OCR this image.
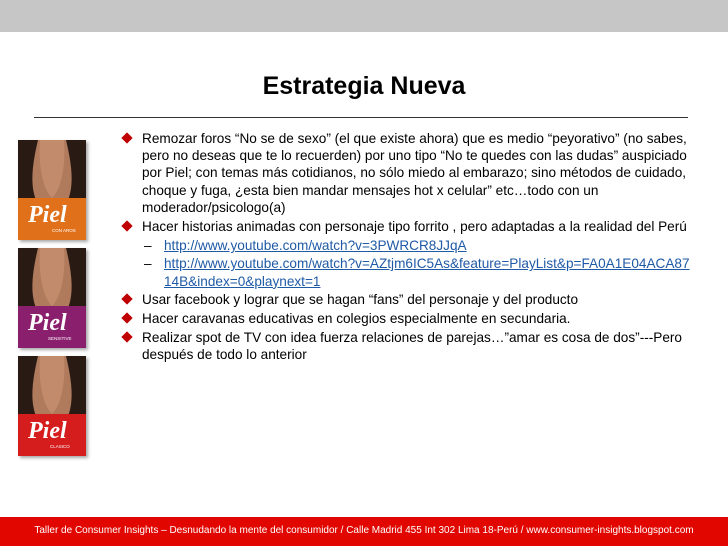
Estrategia Nueva
Piel
CON AROS
Piel
SENSITIVE
Piel
CLASICO
Remozar foros “No se de sexo” (el que existe ahora) que es medio “peyorativo” (no sabes, pero no deseas que te lo recuerden) por uno tipo “No te quedes con las dudas” auspiciado por Piel; con temas más cotidianos, no sólo miedo al embarazo; sino métodos de cuidado, choque y fuga, ¿esta bien mandar mensajes hot x celular” etc…todo con un moderador/psicologo(a)
Hacer historias animadas con personaje tipo forrito , pero adaptadas a la realidad del Perú
– http://www.youtube.com/watch?v=3PWRCR8JJqA
– http://www.youtube.com/watch?v=AZtjm6IC5As&feature=PlayList&p=FA0A1E04ACA8714B&index=0&playnext=1
Usar facebook y lograr que se hagan “fans” del personaje y del producto
Hacer caravanas educativas en colegios especialmente en secundaria.
Realizar spot de TV con idea fuerza relaciones de parejas…”amar es cosa de dos”---Pero después de todo lo anterior
Taller de Consumer Insights – Desnudando la mente del consumidor / Calle Madrid 455 Int 302 Lima 18-Perú / www.consumer-insights.blogspot.com
